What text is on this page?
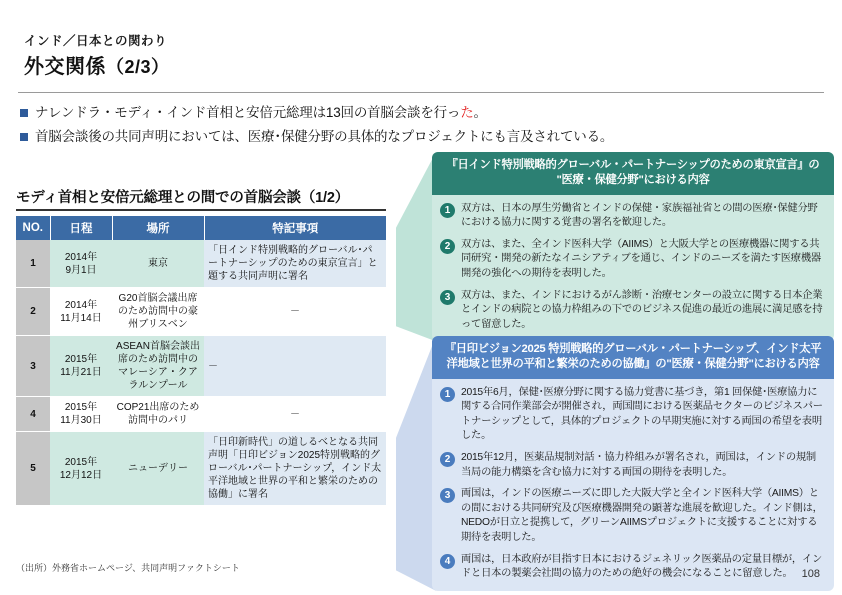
インド／日本との関わり
外交関係（2/3）
ナレンドラ・モディ・インド首相と安倍元総理は13回の首脳会談を行った。
首脳会談後の共同声明においては、医療･保健分野の具体的なプロジェクトにも言及されている。
モディ首相と安倍元総理との間での首脳会談（1/2）
NO.	日程	場所	特記事項
1	2014年
9月1日	東京	「日インド特別戦略的グローバル･パートナーシップのための東京宣言」と題する共同声明に署名
2	2014年
11月14日	G20首脳会議出席のため訪問中の豪州ブリスベン	－
3	2015年
11月21日	ASEAN首脳会談出席のため訪問中のマレーシア・クアラルンプール	－
4	2015年
11月30日	COP21出席のため訪問中のパリ	－
5	2015年
12月12日	ニューデリー	「日印新時代」の道しるべとなる共同声明「日印ビジョン2025特別戦略的グローバル･パートナーシップ，インド太平洋地域と世界の平和と繁栄のための協働」に署名
『日インド特別戦略的グローバル・パートナーシップのための東京宣言』の
"医療・保健分野"における内容
1	双方は、日本の厚生労働省とインドの保健・家族福祉省との間の医療･保健分野における協力に関する覚書の署名を歓迎した。
2	双方は、また、全インド医科大学（AIIMS）と大阪大学との医療機器に関する共同研究・開発の新たなイニシアティブを通じ、インドのニーズを満たす医療機器開発の強化への期待を表明した。
3	双方は、また、インドにおけるがん診断・治療センターの設立に関する日本企業とインドの病院との協力枠組みの下でのビジネス促進の最近の進展に満足感を持って留意した。
『日印ビジョン2025 特別戦略的グローバル・パートナーシップ、インド太平洋地域と世界の平和と繁栄のための協働』の"医療・保健分野"における内容
1	2015年6月，保健･医療分野に関する協力覚書に基づき，第1 回保健･医療協力に関する合同作業部会が開催され，両国間における医薬品セクターのビジネスパートナーシップとして，具体的プロジェクトの早期実施に対する両国の希望を表明した。
2	2015年12月，医薬品規制対話・協力枠組みが署名され，両国は，インドの規制当局の能力構築を含む協力に対する両国の期待を表明した。
3	両国は，インドの医療ニーズに即した大阪大学と全インド医科大学（AIIMS）との間における共同研究及び医療機器開発の顕著な進展を歓迎した。インド側は，NEDOが日立と提携して，グリーンAIIMSプロジェクトに支援することに対する期待を表明した。
4	両国は，日本政府が目指す日本におけるジェネリック医薬品の定量目標が，インドと日本の製薬会社間の協力のための絶好の機会になることに留意した。
（出所）外務省ホームページ、共同声明ファクトシート	108
